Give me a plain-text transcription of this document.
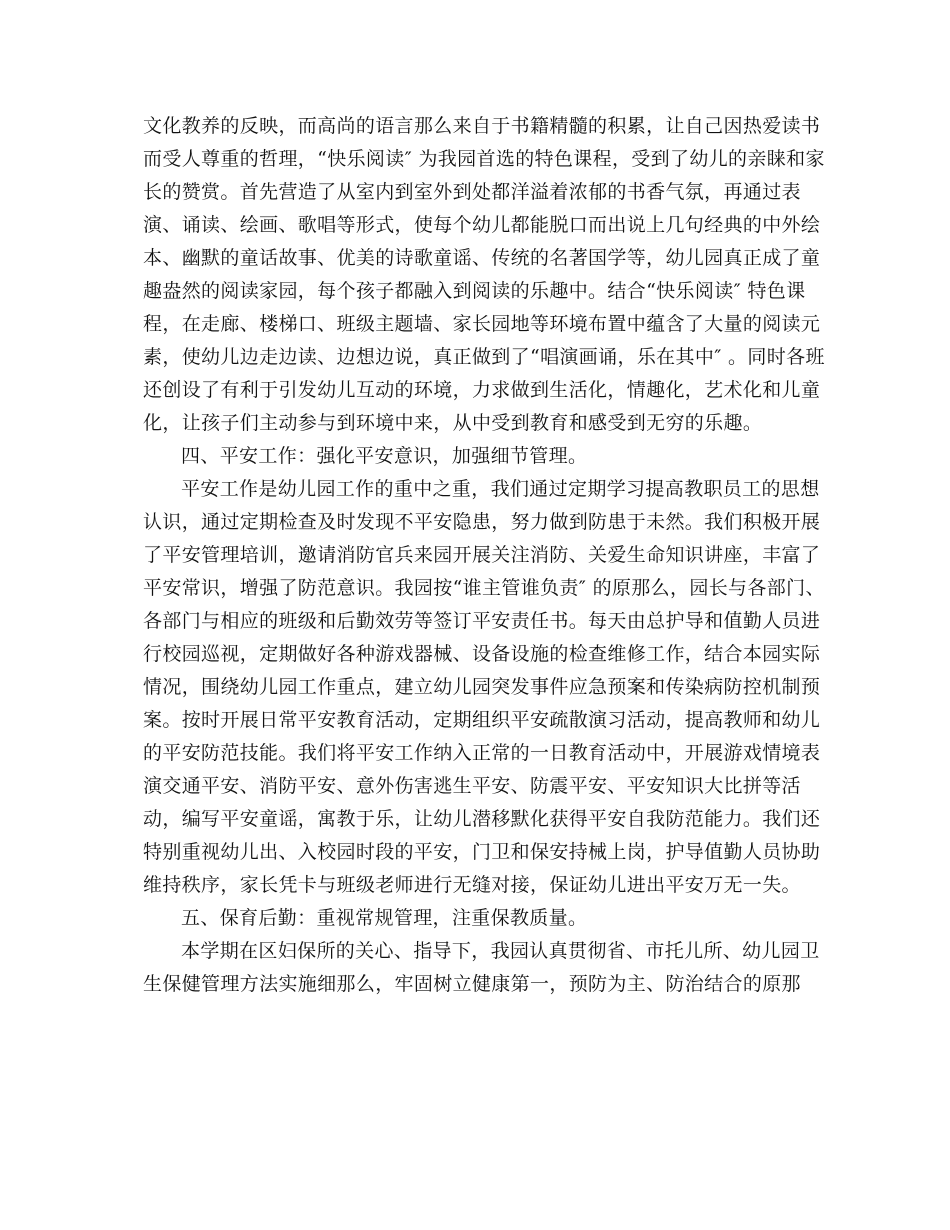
文化教养的反映，而高尚的语言那么来自于书籍精髓的积累，让自己因热爱读书
而受人尊重的哲理，“快乐阅读″ 为我园首选的特色课程，受到了幼儿的亲睐和家
长的赞赏。首先营造了从室内到室外到处都洋溢着浓郁的书香气氛，再通过表
演、诵读、绘画、歌唱等形式，使每个幼儿都能脱口而出说上几句经典的中外绘
本、幽默的童话故事、优美的诗歌童谣、传统的名著国学等，幼儿园真正成了童
趣盎然的阅读家园，每个孩子都融入到阅读的乐趣中。结合“快乐阅读″ 特色课
程，在走廊、楼梯口、班级主题墙、家长园地等环境布置中蕴含了大量的阅读元
素，使幼儿边走边读、边想边说，真正做到了“唱演画诵，乐在其中″ 。同时各班
还创设了有利于引发幼儿互动的环境，力求做到生活化，情趣化，艺术化和儿童
化，让孩子们主动参与到环境中来，从中受到教育和感受到无穷的乐趣。
四、平安工作：强化平安意识，加强细节管理。
平安工作是幼儿园工作的重中之重，我们通过定期学习提高教职员工的思想
认识，通过定期检查及时发现不平安隐患，努力做到防患于未然。我们积极开展
了平安管理培训，邀请消防官兵来园开展关注消防、关爱生命知识讲座，丰富了
平安常识，增强了防范意识。我园按“谁主管谁负责″ 的原那么，园长与各部门、
各部门与相应的班级和后勤效劳等签订平安责任书。每天由总护导和值勤人员进
行校园巡视，定期做好各种游戏器械、设备设施的检查维修工作，结合本园实际
情况，围绕幼儿园工作重点，建立幼儿园突发事件应急预案和传染病防控机制预
案。按时开展日常平安教育活动，定期组织平安疏散演习活动，提高教师和幼儿
的平安防范技能。我们将平安工作纳入正常的一日教育活动中，开展游戏情境表
演交通平安、消防平安、意外伤害逃生平安、防震平安、平安知识大比拼等活
动，编写平安童谣，寓教于乐，让幼儿潜移默化获得平安自我防范能力。我们还
特别重视幼儿出、入校园时段的平安，门卫和保安持械上岗，护导值勤人员协助
维持秩序，家长凭卡与班级老师进行无缝对接，保证幼儿进出平安万无一失。
五、保育后勤：重视常规管理，注重保教质量。
本学期在区妇保所的关心、指导下，我园认真贯彻省、市托儿所、幼儿园卫
生保健管理方法实施细那么，牢固树立健康第一，预防为主、防治结合的原那
